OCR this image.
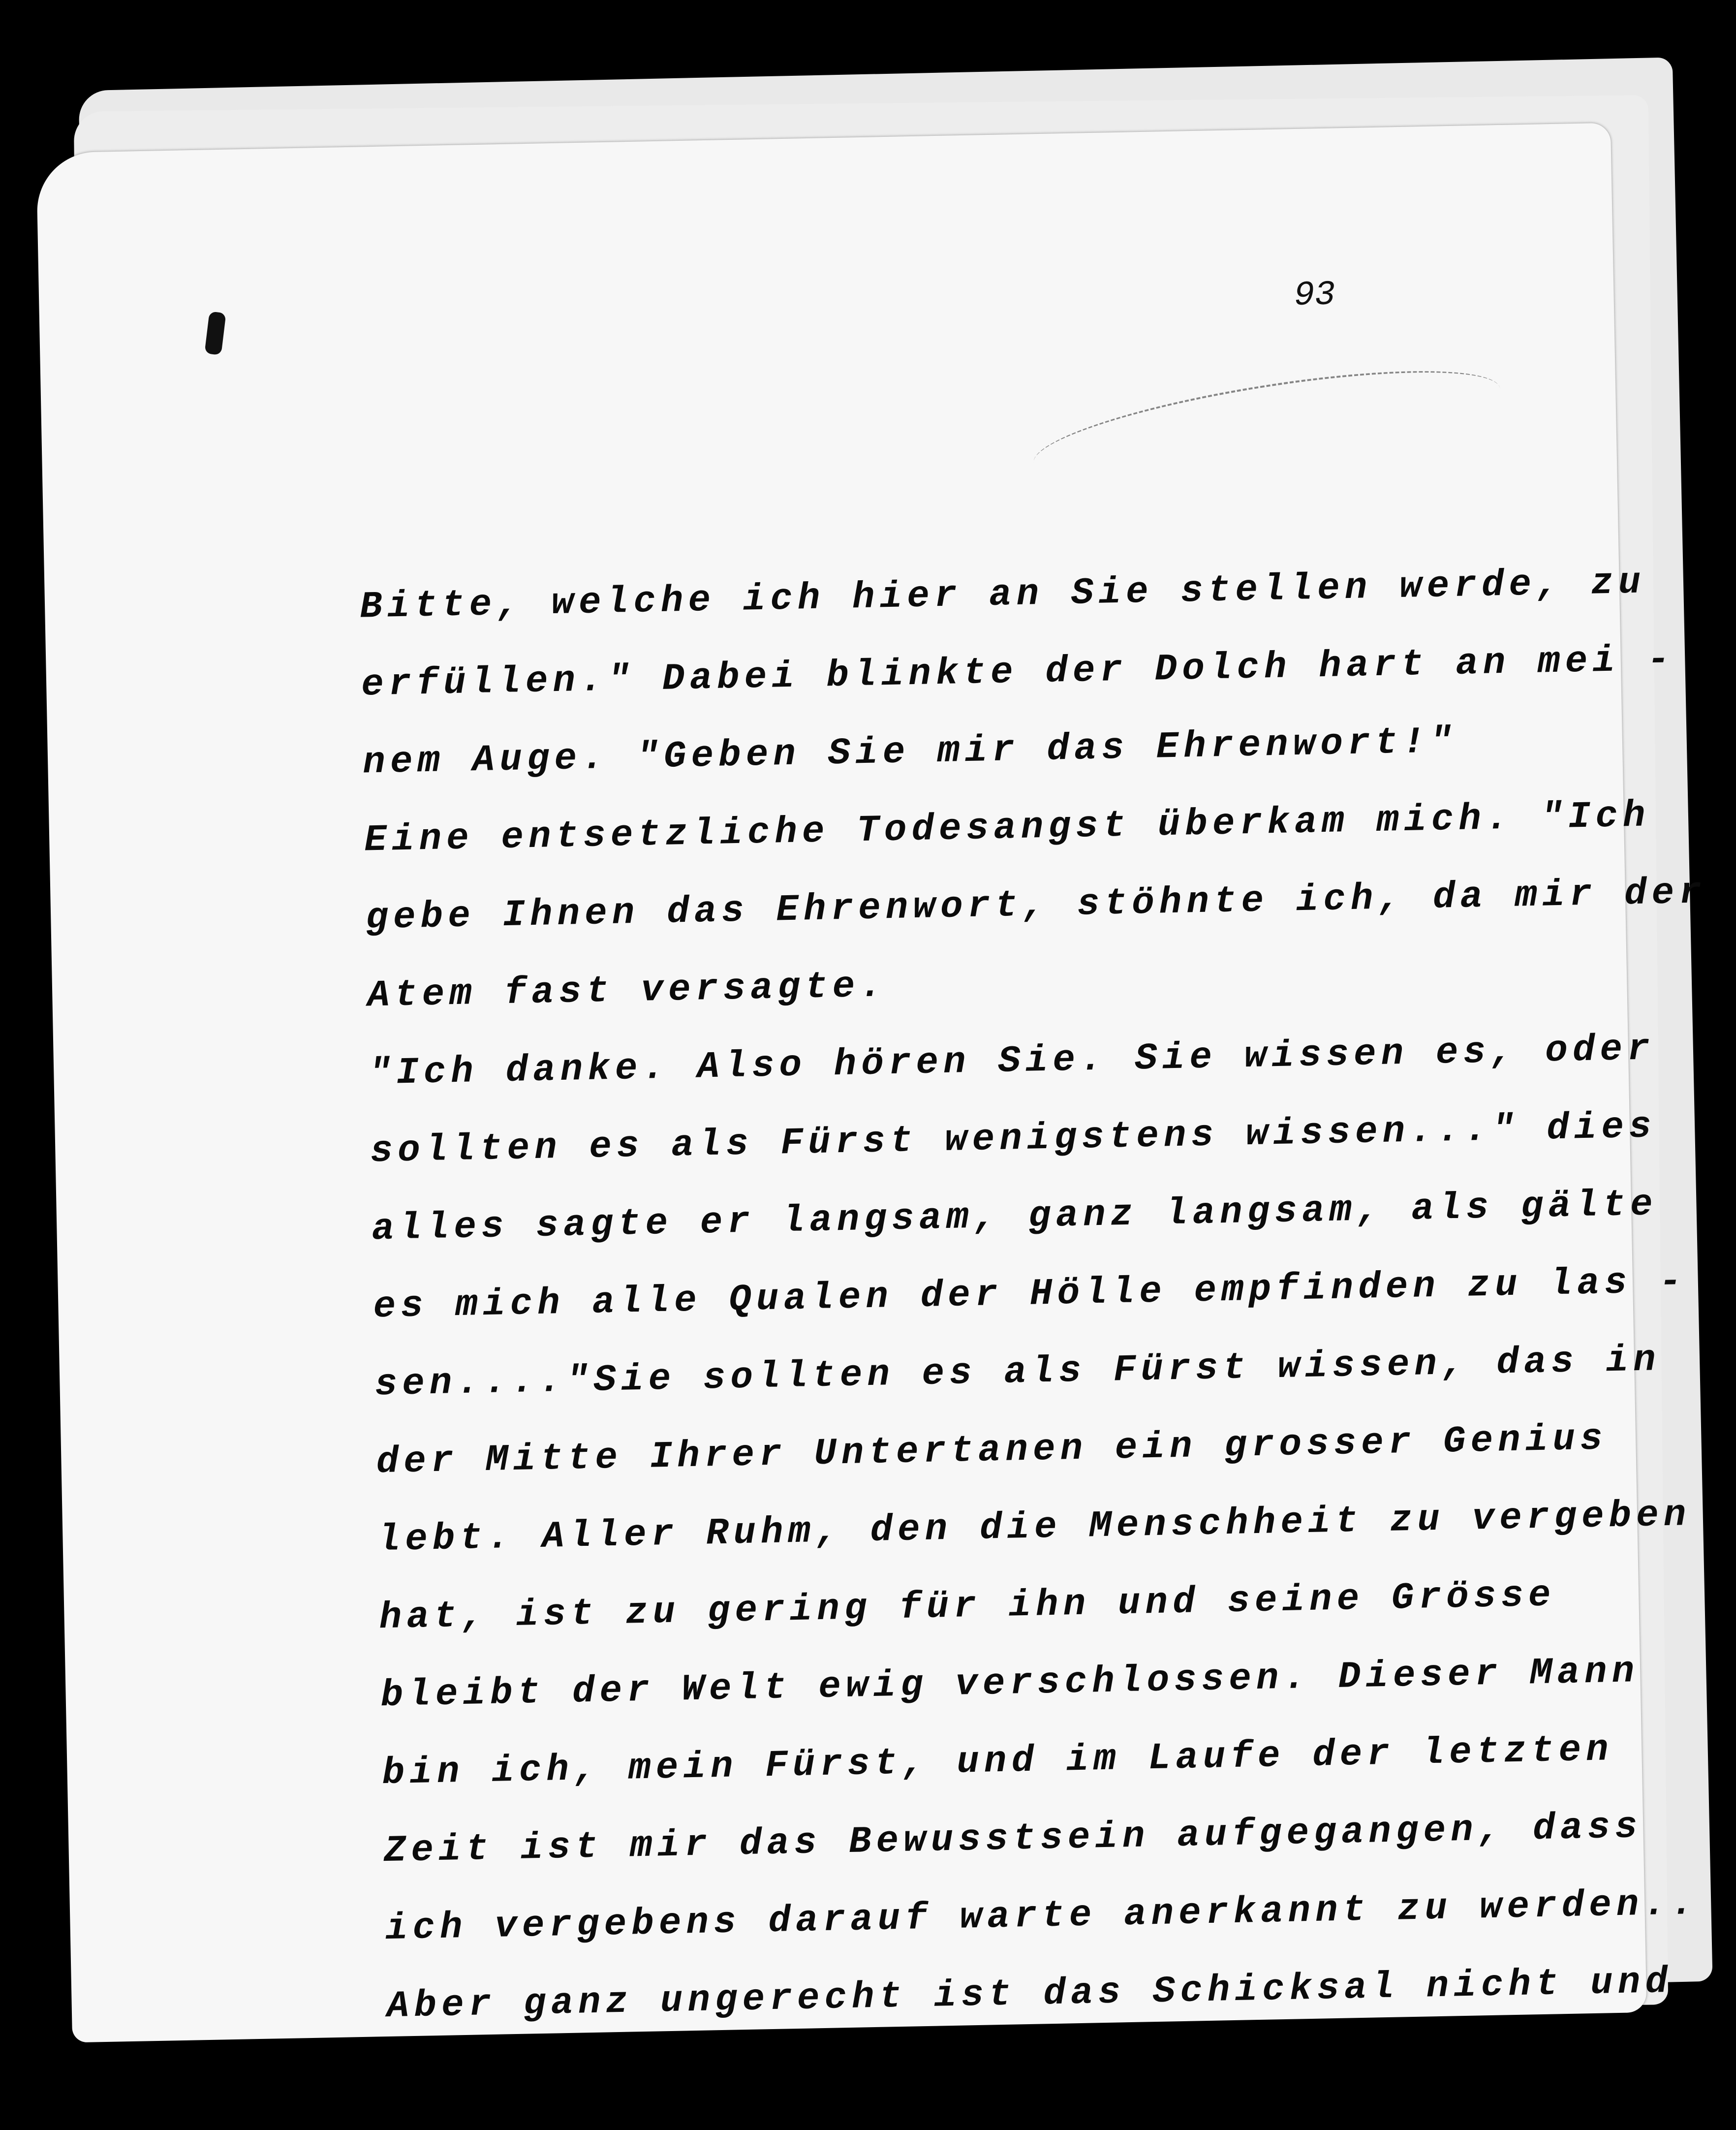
93
Bitte, welche ich hier an Sie stellen werde, zu
erfüllen." Dabei blinkte der Dolch hart an mei -
nem Auge. "Geben Sie mir das Ehrenwort!"
Eine entsetzliche Todesangst überkam mich. "Ich
gebe Ihnen das Ehrenwort, stöhnte ich, da mir der
Atem fast versagte.
"Ich danke. Also hören Sie. Sie wissen es, oder
sollten es als Fürst wenigstens wissen..." dies
alles sagte er langsam, ganz langsam, als gälte
es mich alle Qualen der Hölle empfinden zu las -
sen...."Sie sollten es als Fürst wissen, das in
der Mitte Ihrer Untertanen ein grosser Genius
lebt. Aller Ruhm, den die Menschheit zu vergeben
hat, ist zu gering für ihn und seine Grösse
bleibt der Welt ewig verschlossen. Dieser Mann
bin ich, mein Fürst, und im Laufe der letzten
Zeit ist mir das Bewusstsein aufgegangen, dass
ich vergebens darauf warte anerkannt zu werden..
Aber ganz ungerecht ist das Schicksal nicht und
